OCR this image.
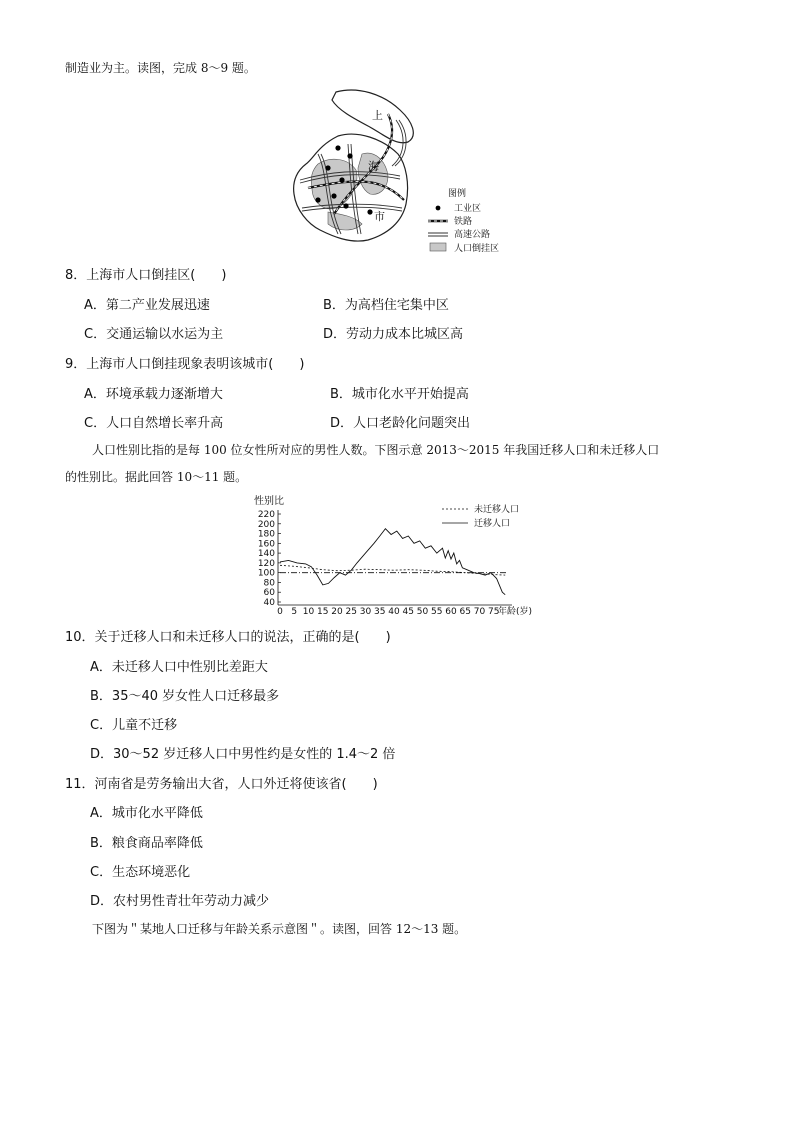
制造业为主。读图，完成 8～9 题。
上
海
市
图例
工业区
铁路
高速公路
人口倒挂区
8．上海市人口倒挂区(　　)
A．第二产业发展迅速	B．为高档住宅集中区
C．交通运输以水运为主	D．劳动力成本比城区高
9．上海市人口倒挂现象表明该城市(　　)
A．环境承载力逐渐增大	B．城市化水平开始提高
C．人口自然增长率升高	D．人口老龄化问题突出
人口性别比指的是每 100 位女性所对应的男性人数。下图示意 2013～2015 年我国迁移人口和未迁移人口
的性别比。据此回答 10～11 题。
性别比
40
60
80
100
120
140
160
180
200
220
0 5 10 15 20 25 30 35 40 45 50 55 60 65 70 75
年龄(岁)
未迁移人口
迁移人口
10．关于迁移人口和未迁移人口的说法，正确的是(　　)
A．未迁移人口中性别比差距大
B．35～40 岁女性人口迁移最多
C．儿童不迁移
D．30～52 岁迁移人口中男性约是女性的 1.4～2 倍
11．河南省是劳务输出大省，人口外迁将使该省(　　)
A．城市化水平降低
B．粮食商品率降低
C．生态环境恶化
D．农村男性青壮年劳动力减少
下图为＂某地人口迁移与年龄关系示意图＂。读图，回答 12～13 题。
